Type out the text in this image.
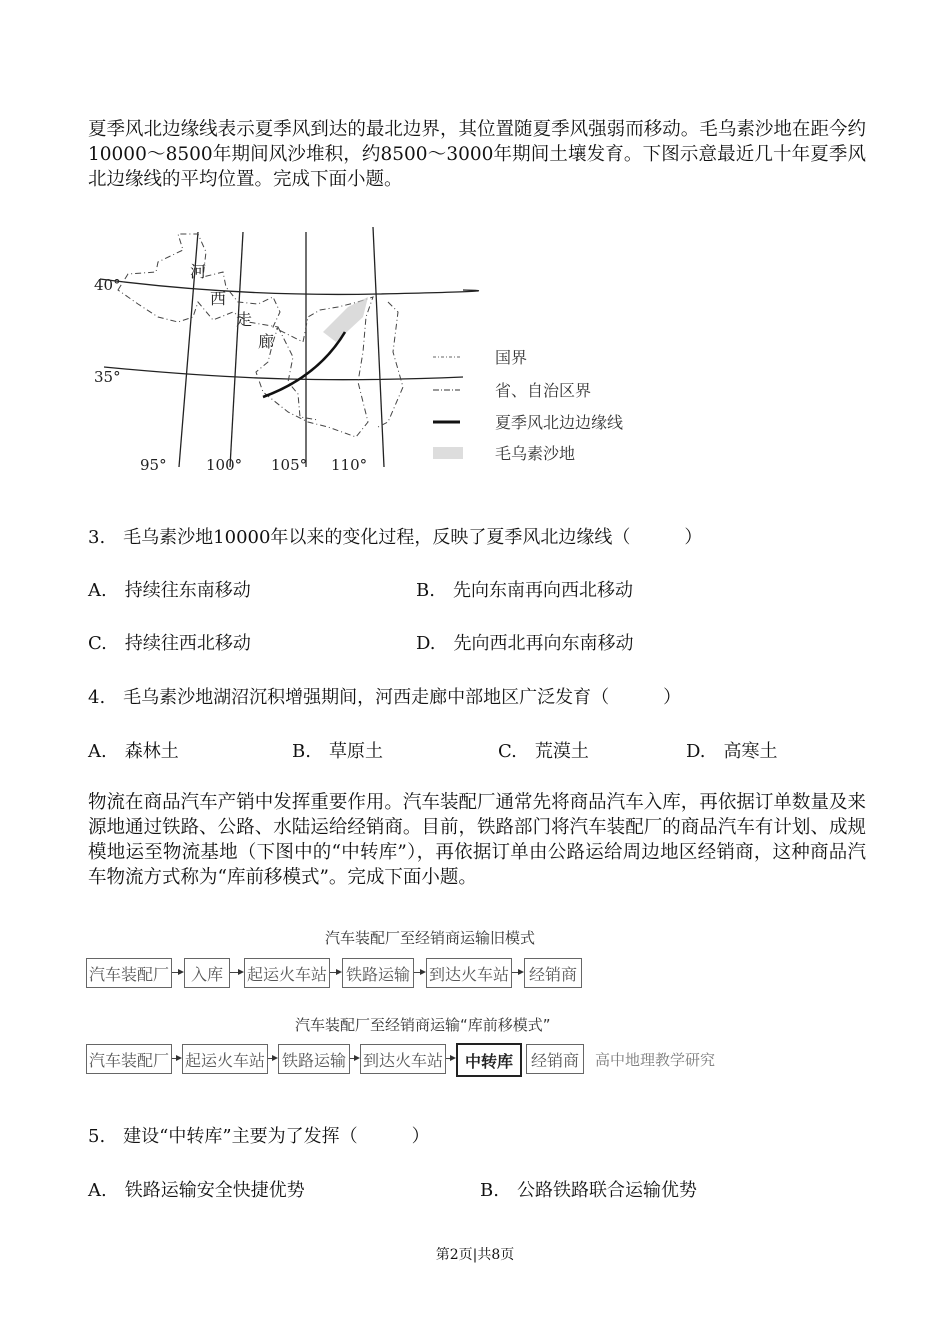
夏季风北边缘线表示夏季风到达的最北边界，其位置随夏季风强弱而移动。毛乌素沙地在距今约10000～8500年期间风沙堆积，约8500～3000年期间土壤发育。下图示意最近几十年夏季风北边缘线的平均位置。完成下面小题。
河
西
走
廊
40°
35°
95°	100° 105° 110°
国界
省、自治区界
夏季风北边边缘线
毛乌素沙地
3.　毛乌素沙地10000年以来的变化过程，反映了夏季风北边缘线（　　　）
A.　持续往东南移动	B.　先向东南再向西北移动
C.　持续往西北移动	D.　先向西北再向东南移动
4.　毛乌素沙地湖沼沉积增强期间，河西走廊中部地区广泛发育（　　　）
A.　森林土	B.　草原土	C.　荒漠土	D.　高寒土
物流在商品汽车产销中发挥重要作用。汽车装配厂通常先将商品汽车入库，再依据订单数量及来源地通过铁路、公路、水陆运给经销商。目前，铁路部门将汽车装配厂的商品汽车有计划、成规模地运至物流基地（下图中的“中转库”），再依据订单由公路运给周边地区经销商，这种商品汽车物流方式称为“库前移模式”。完成下面小题。
汽车装配厂至经销商运输旧模式
汽车装配厂	入库	起运火车站 铁路运输 到达火车站	经销商
汽车装配厂至经销商运输“库前移模式”
汽车装配厂 起运火车站 铁路运输 到达火车站	中转库	经销商	高中地理教学研究
5.　建设“中转库”主要为了发挥（　　　）
A.　铁路运输安全快捷优势	B.　公路铁路联合运输优势
第2页|共8页
